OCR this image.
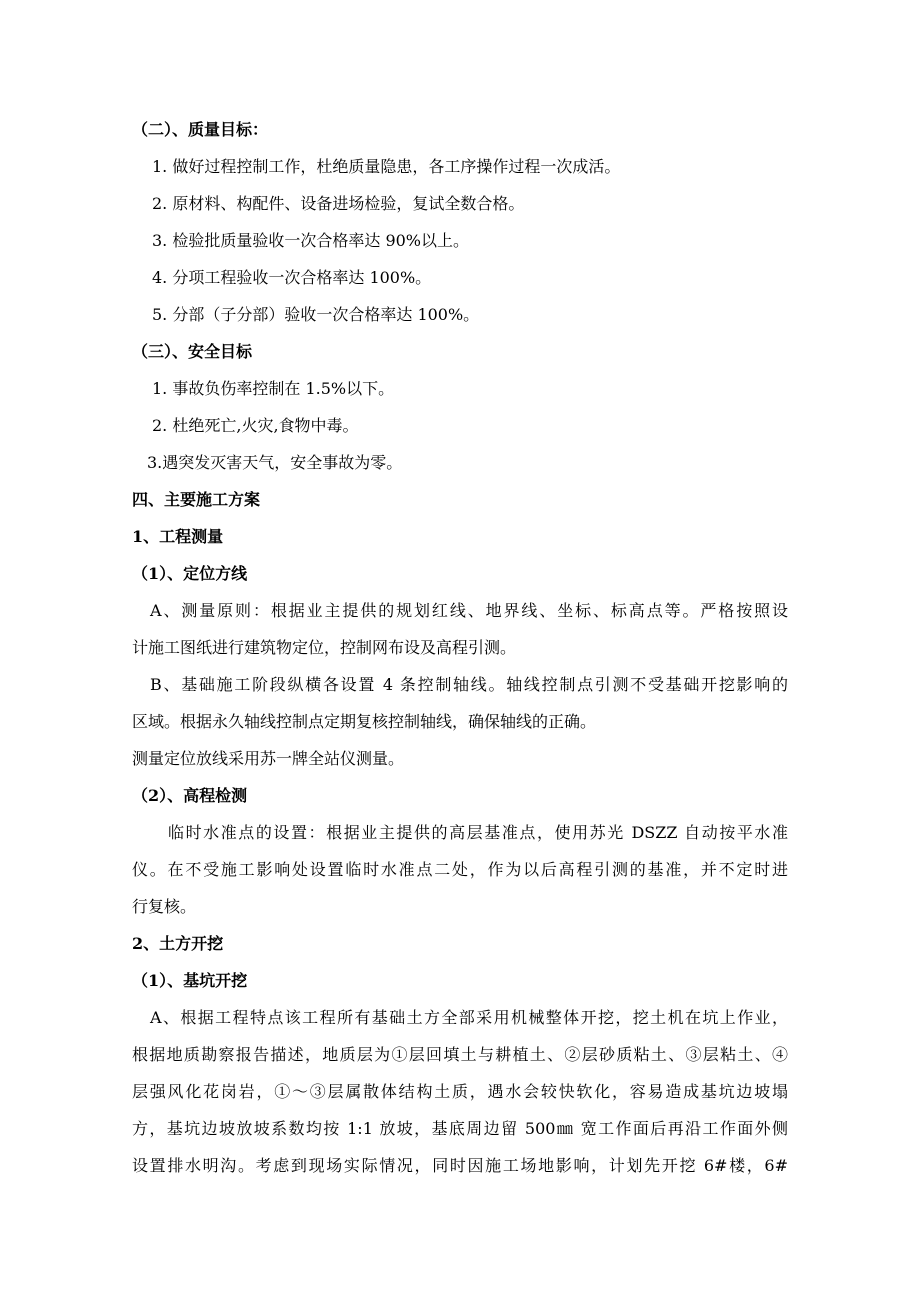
（二）、质量目标：
1. 做好过程控制工作，杜绝质量隐患，各工序操作过程一次成活。
2. 原材料、构配件、设备进场检验，复试全数合格。
3. 检验批质量验收一次合格率达 90%以上。
4. 分项工程验收一次合格率达 100%。
5. 分部（子分部）验收一次合格率达 100%。
（三）、安全目标
1. 事故负伤率控制在 1.5%以下。
2. 杜绝死亡,火灾,食物中毒。
3.遇突发灭害天气，安全事故为零。
四、主要施工方案
1、工程测量
（1）、定位方线
A、测量原则：根据业主提供的规划红线、地界线、坐标、标高点等。严格按照设
计施工图纸进行建筑物定位，控制网布设及高程引测。
B、基础施工阶段纵横各设置 4 条控制轴线。轴线控制点引测不受基础开挖影响的
区域。根据永久轴线控制点定期复核控制轴线，确保轴线的正确。
测量定位放线采用苏一牌全站仪测量。
（2）、高程检测
临时水准点的设置：根据业主提供的高层基准点，使用苏光 DSZZ 自动按平水准
仪。在不受施工影响处设置临时水准点二处，作为以后高程引测的基准，并不定时进
行复核。
2、土方开挖
（1）、基坑开挖
A、根据工程特点该工程所有基础土方全部采用机械整体开挖，挖土机在坑上作业，
根据地质勘察报告描述，地质层为①层回填土与耕植土、②层砂质粘土、③层粘土、④
层强风化花岗岩，①～③层属散体结构土质，遇水会较快软化，容易造成基坑边坡塌
方，基坑边坡放坡系数均按 1:1 放坡，基底周边留 500㎜ 宽工作面后再沿工作面外侧
设置排水明沟。考虑到现场实际情况，同时因施工场地影响，计划先开挖 6#楼，6#
